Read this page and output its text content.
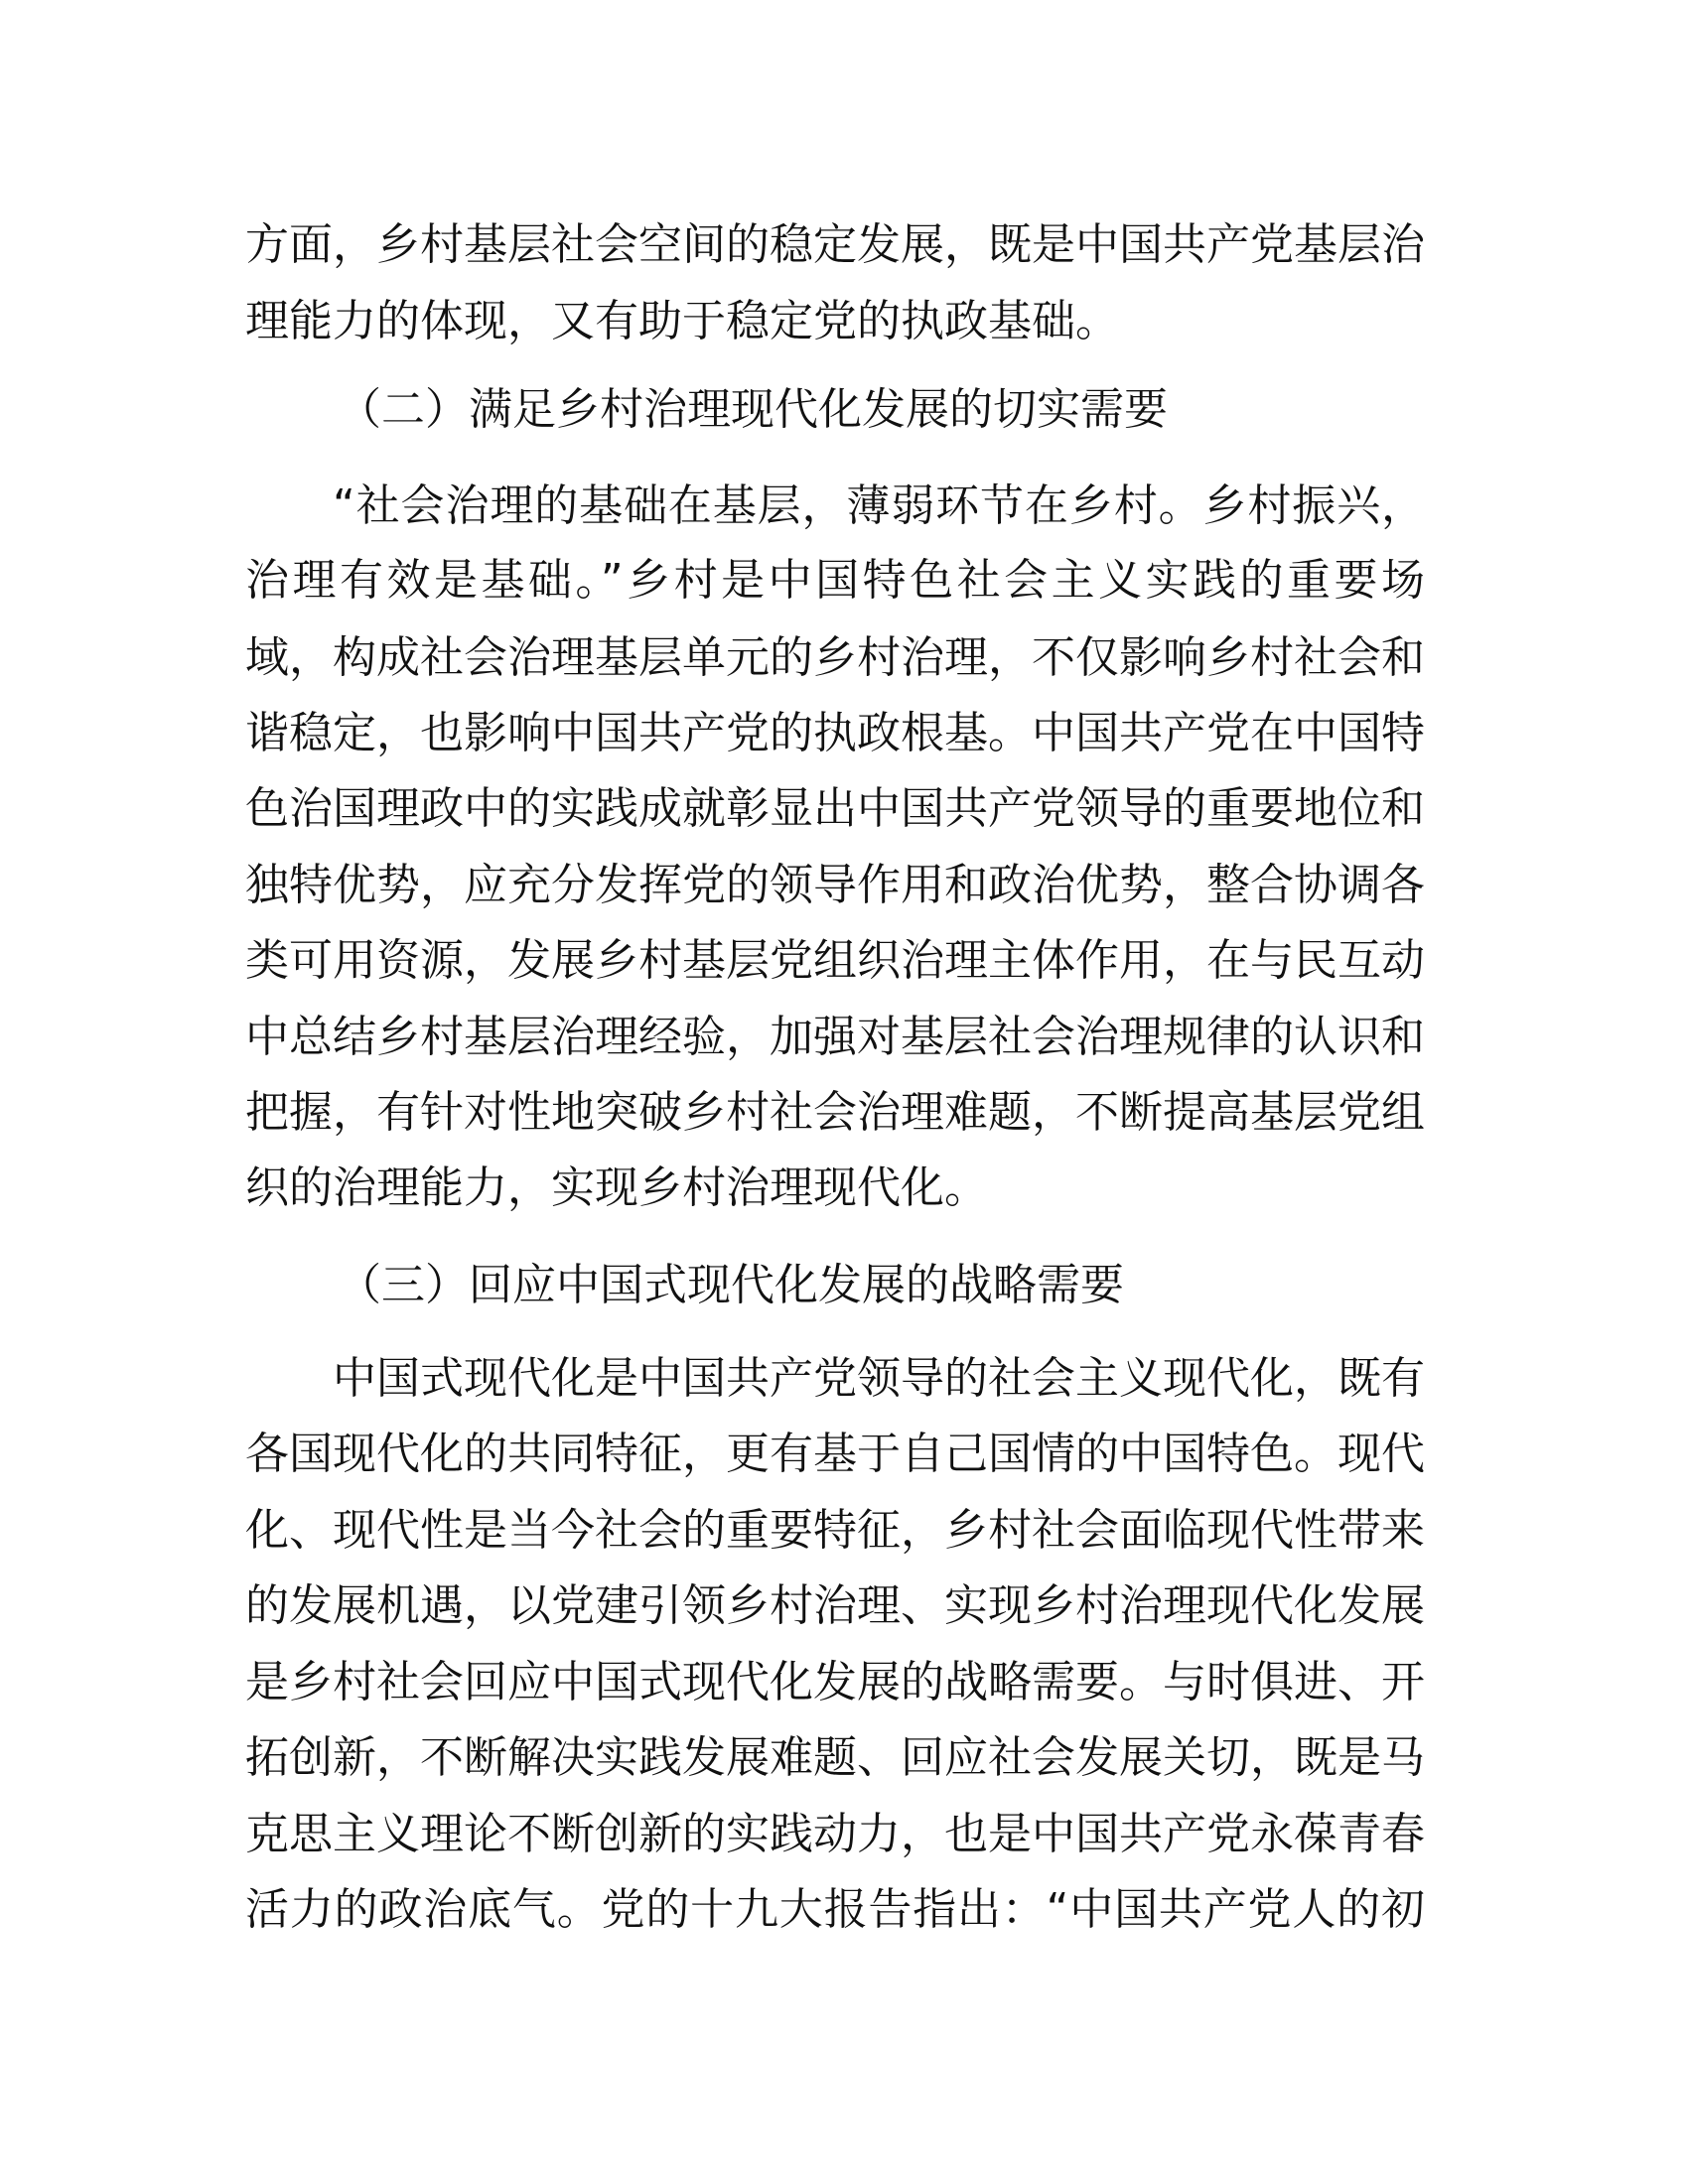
方面，乡村基层社会空间的稳定发展，既是中国共产党基层治
理能力的体现，又有助于稳定党的执政基础。
（二）满足乡村治理现代化发展的切实需要
“社会治理的基础在基层，薄弱环节在乡村。乡村振兴，
治理有效是基础。”乡村是中国特色社会主义实践的重要场
域，构成社会治理基层单元的乡村治理，不仅影响乡村社会和
谐稳定，也影响中国共产党的执政根基。中国共产党在中国特
色治国理政中的实践成就彰显出中国共产党领导的重要地位和
独特优势，应充分发挥党的领导作用和政治优势，整合协调各
类可用资源，发展乡村基层党组织治理主体作用，在与民互动
中总结乡村基层治理经验，加强对基层社会治理规律的认识和
把握，有针对性地突破乡村社会治理难题，不断提高基层党组
织的治理能力，实现乡村治理现代化。
（三）回应中国式现代化发展的战略需要
中国式现代化是中国共产党领导的社会主义现代化，既有
各国现代化的共同特征，更有基于自己国情的中国特色。现代
化、现代性是当今社会的重要特征，乡村社会面临现代性带来
的发展机遇，以党建引领乡村治理、实现乡村治理现代化发展
是乡村社会回应中国式现代化发展的战略需要。与时俱进、开
拓创新，不断解决实践发展难题、回应社会发展关切，既是马
克思主义理论不断创新的实践动力，也是中国共产党永葆青春
活力的政治底气。党的十九大报告指出：“中国共产党人的初
